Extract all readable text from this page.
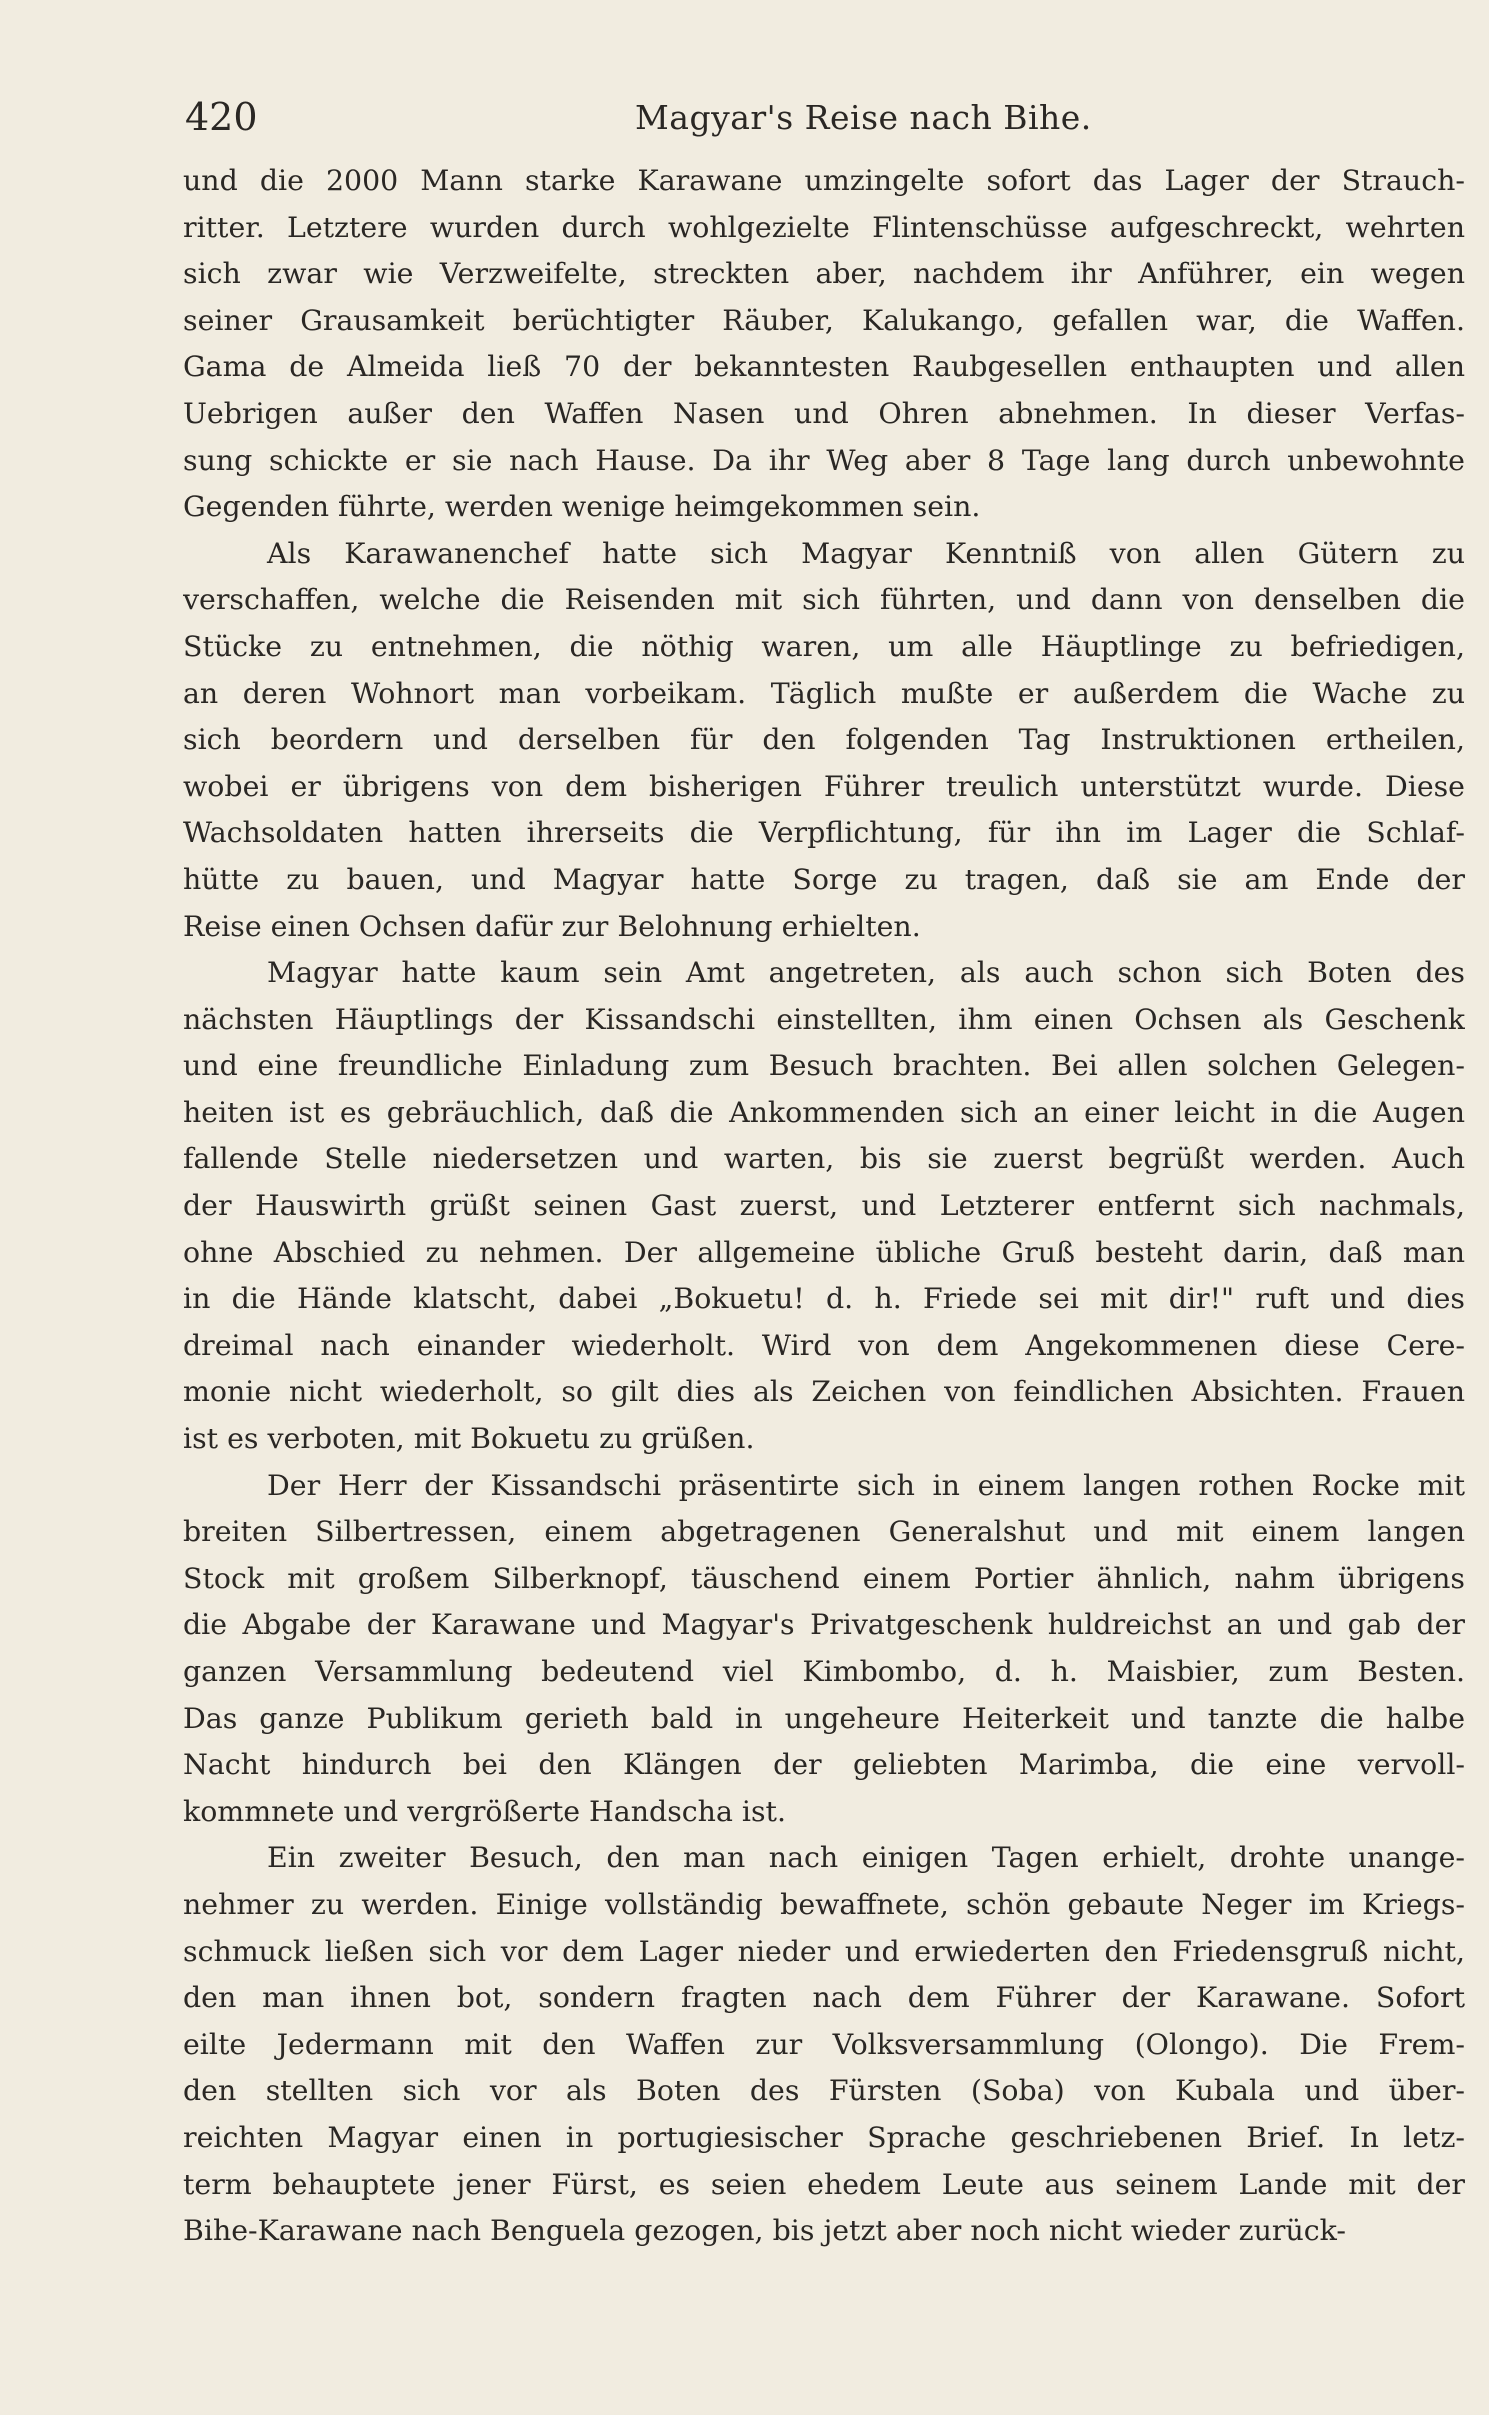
420	Magyar's Reise nach Bihe.
und die 2000 Mann starke Karawane umzingelte sofort das Lager der Strauch-
ritter. Letztere wurden durch wohlgezielte Flintenschüsse aufgeschreckt, wehrten
sich zwar wie Verzweifelte, streckten aber, nachdem ihr Anführer, ein wegen
seiner Grausamkeit berüchtigter Räuber, Kalukango, gefallen war, die Waffen.
Gama de Almeida ließ 70 der bekanntesten Raubgesellen enthaupten und allen
Uebrigen außer den Waffen Nasen und Ohren abnehmen. In dieser Verfas-
sung schickte er sie nach Hause. Da ihr Weg aber 8 Tage lang durch unbewohnte
Gegenden führte, werden wenige heimgekommen sein.
Als Karawanenchef hatte sich Magyar Kenntniß von allen Gütern zu
verschaffen, welche die Reisenden mit sich führten, und dann von denselben die
Stücke zu entnehmen, die nöthig waren, um alle Häuptlinge zu befriedigen,
an deren Wohnort man vorbeikam. Täglich mußte er außerdem die Wache zu
sich beordern und derselben für den folgenden Tag Instruktionen ertheilen,
wobei er übrigens von dem bisherigen Führer treulich unterstützt wurde. Diese
Wachsoldaten hatten ihrerseits die Verpflichtung, für ihn im Lager die Schlaf-
hütte zu bauen, und Magyar hatte Sorge zu tragen, daß sie am Ende der
Reise einen Ochsen dafür zur Belohnung erhielten.
Magyar hatte kaum sein Amt angetreten, als auch schon sich Boten des
nächsten Häuptlings der Kissandschi einstellten, ihm einen Ochsen als Geschenk
und eine freundliche Einladung zum Besuch brachten. Bei allen solchen Gelegen-
heiten ist es gebräuchlich, daß die Ankommenden sich an einer leicht in die Augen
fallende Stelle niedersetzen und warten, bis sie zuerst begrüßt werden. Auch
der Hauswirth grüßt seinen Gast zuerst, und Letzterer entfernt sich nachmals,
ohne Abschied zu nehmen. Der allgemeine übliche Gruß besteht darin, daß man
in die Hände klatscht, dabei „Bokuetu! d. h. Friede sei mit dir!" ruft und dies
dreimal nach einander wiederholt. Wird von dem Angekommenen diese Cere-
monie nicht wiederholt, so gilt dies als Zeichen von feindlichen Absichten. Frauen
ist es verboten, mit Bokuetu zu grüßen.
Der Herr der Kissandschi präsentirte sich in einem langen rothen Rocke mit
breiten Silbertressen, einem abgetragenen Generalshut und mit einem langen
Stock mit großem Silberknopf, täuschend einem Portier ähnlich, nahm übrigens
die Abgabe der Karawane und Magyar's Privatgeschenk huldreichst an und gab der
ganzen Versammlung bedeutend viel Kimbombo, d. h. Maisbier, zum Besten.
Das ganze Publikum gerieth bald in ungeheure Heiterkeit und tanzte die halbe
Nacht hindurch bei den Klängen der geliebten Marimba, die eine vervoll-
kommnete und vergrößerte Handscha ist.
Ein zweiter Besuch, den man nach einigen Tagen erhielt, drohte unange-
nehmer zu werden. Einige vollständig bewaffnete, schön gebaute Neger im Kriegs-
schmuck ließen sich vor dem Lager nieder und erwiederten den Friedensgruß nicht,
den man ihnen bot, sondern fragten nach dem Führer der Karawane. Sofort
eilte Jedermann mit den Waffen zur Volksversammlung (Olongo). Die Frem-
den stellten sich vor als Boten des Fürsten (Soba) von Kubala und über-
reichten Magyar einen in portugiesischer Sprache geschriebenen Brief. In letz-
term behauptete jener Fürst, es seien ehedem Leute aus seinem Lande mit der
Bihe-Karawane nach Benguela gezogen, bis jetzt aber noch nicht wieder zurück-
